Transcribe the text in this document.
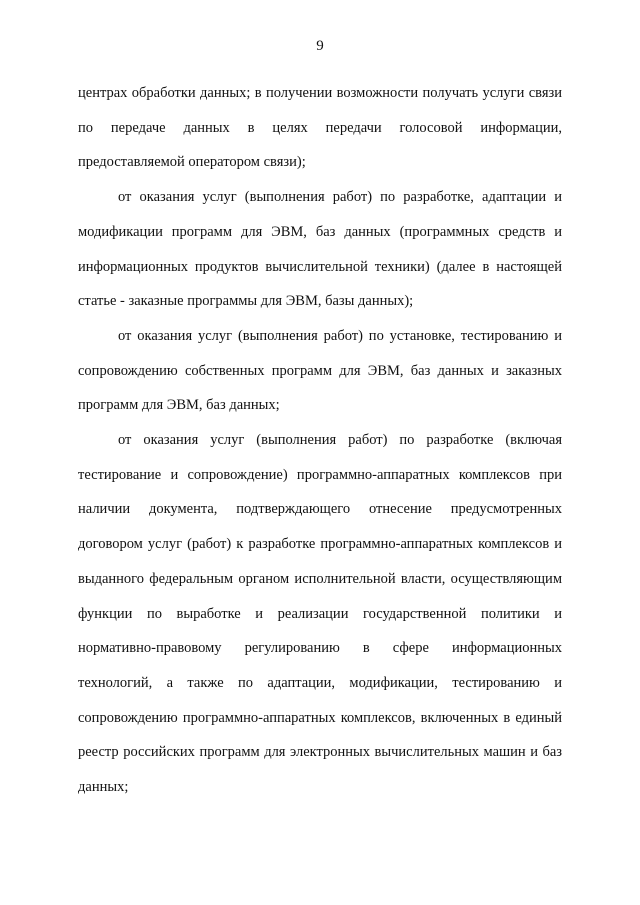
9

центрах обработки данных; в получении возможности получать услуги связи по передаче данных в целях передачи голосовой информации, предоставляемой оператором связи);

от оказания услуг (выполнения работ) по разработке, адаптации и модификации программ для ЭВМ, баз данных (программных средств и информационных продуктов вычислительной техники) (далее в настоящей статье - заказные программы для ЭВМ, базы данных);

от оказания услуг (выполнения работ) по установке, тестированию и сопровождению собственных программ для ЭВМ, баз данных и заказных программ для ЭВМ, баз данных;

от оказания услуг (выполнения работ) по разработке (включая тестирование и сопровождение) программно-аппаратных комплексов при наличии документа, подтверждающего отнесение предусмотренных договором услуг (работ) к разработке программно-аппаратных комплексов и выданного федеральным органом исполнительной власти, осуществляющим функции по выработке и реализации государственной политики и нормативно-правовому регулированию в сфере информационных технологий, а также по адаптации, модификации, тестированию и сопровождению программно-аппаратных комплексов, включенных в единый реестр российских программ для электронных вычислительных машин и баз данных;
